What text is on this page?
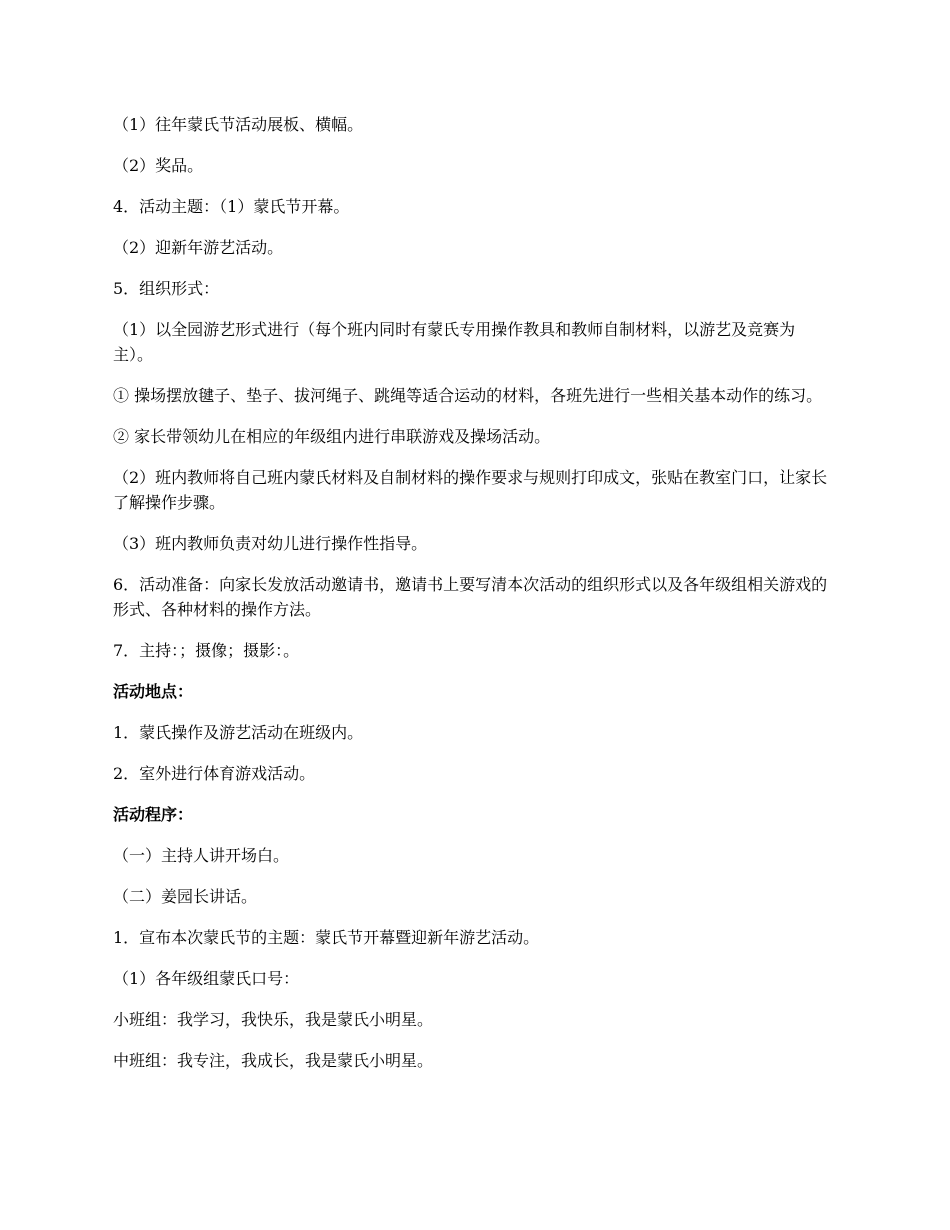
（1）往年蒙氏节活动展板、横幅。

（2）奖品。

4．活动主题：（1）蒙氏节开幕。

（2）迎新年游艺活动。

5．组织形式：

（1）以全园游艺形式进行（每个班内同时有蒙氏专用操作教具和教师自制材料，以游艺及竞赛为主）。

① 操场摆放毽子、垫子、拔河绳子、跳绳等适合运动的材料，各班先进行一些相关基本动作的练习。

② 家长带领幼儿在相应的年级组内进行串联游戏及操场活动。

（2）班内教师将自己班内蒙氏材料及自制材料的操作要求与规则打印成文，张贴在教室门口，让家长了解操作步骤。

（3）班内教师负责对幼儿进行操作性指导。

6．活动准备：向家长发放活动邀请书，邀请书上要写清本次活动的组织形式以及各年级组相关游戏的形式、各种材料的操作方法。

7．主持：；摄像；摄影：。

活动地点：

1．蒙氏操作及游艺活动在班级内。

2．室外进行体育游戏活动。

活动程序：

（一）主持人讲开场白。

（二）姜园长讲话。

1．宣布本次蒙氏节的主题：蒙氏节开幕暨迎新年游艺活动。

（1）各年级组蒙氏口号：

小班组：我学习，我快乐，我是蒙氏小明星。

中班组：我专注，我成长，我是蒙氏小明星。
